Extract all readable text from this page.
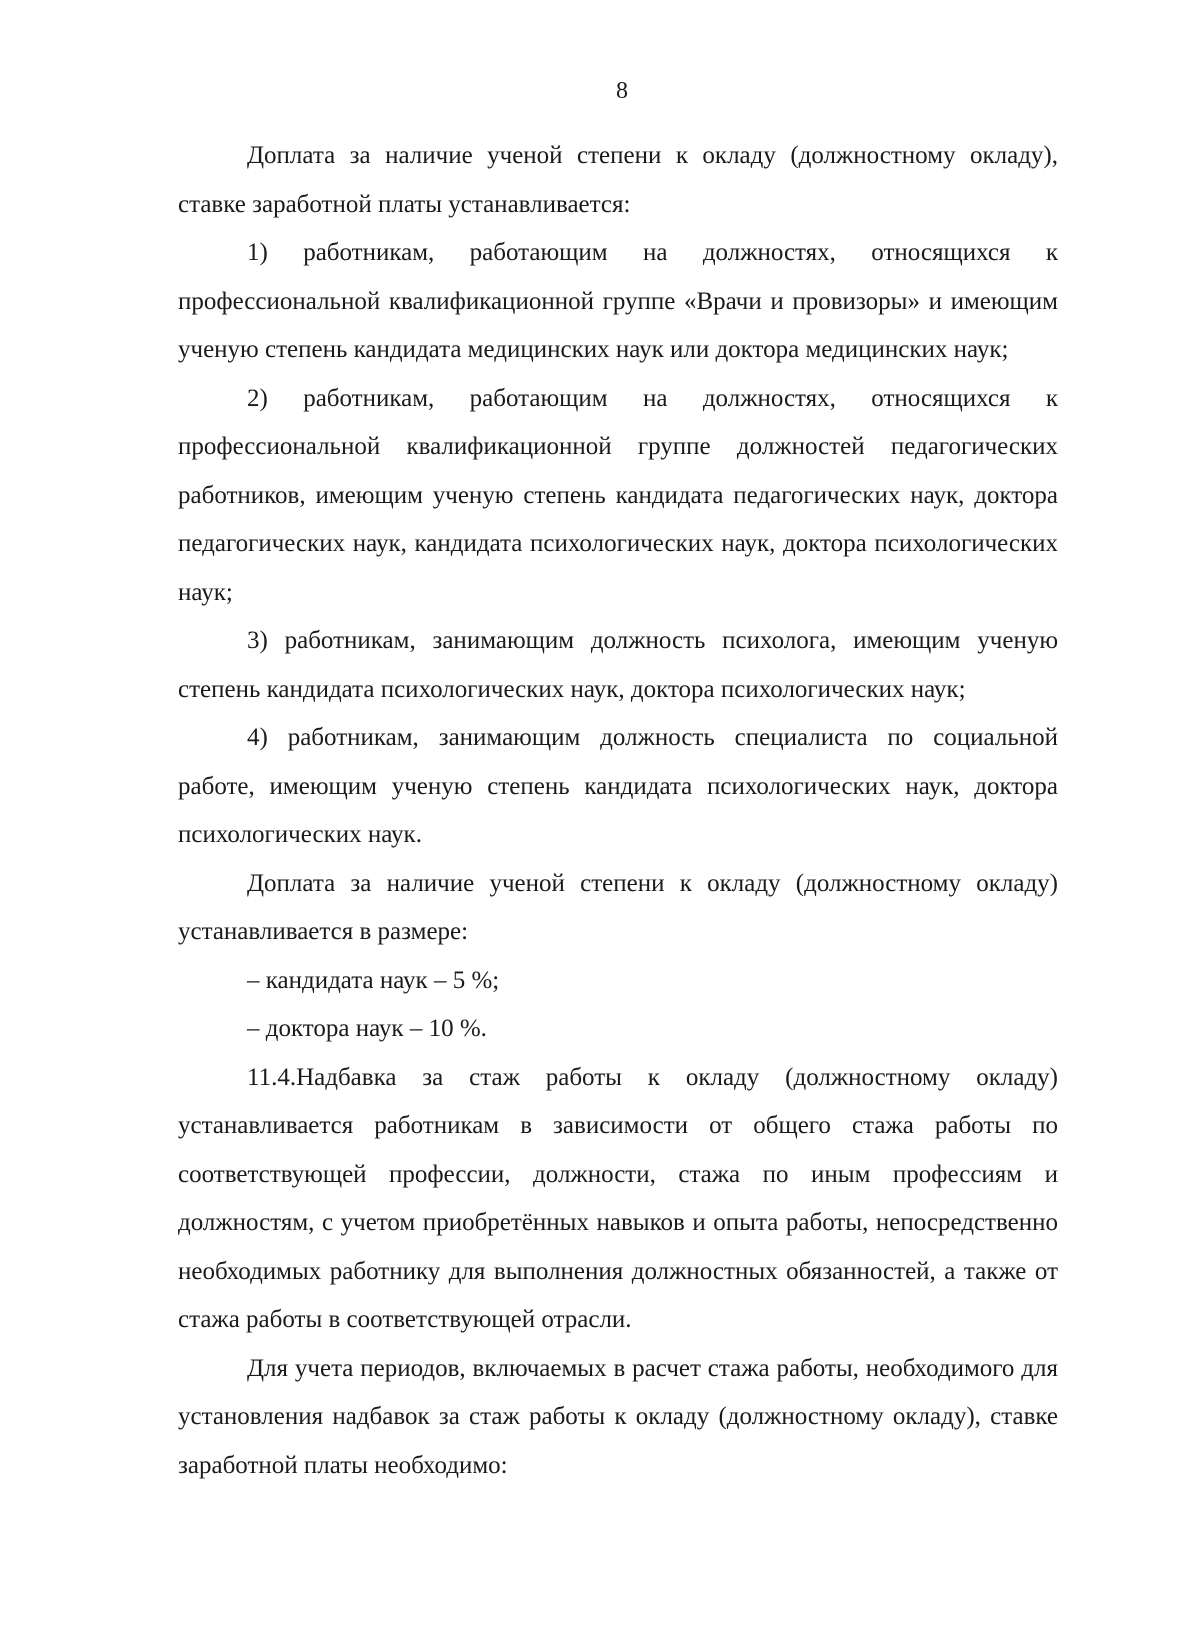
8

Доплата за наличие ученой степени к окладу (должностному окладу), ставке заработной платы устанавливается:

1) работникам, работающим на должностях, относящихся к профессиональной квалификационной группе «Врачи и провизоры» и имеющим ученую степень кандидата медицинских наук или доктора медицинских наук;

2) работникам, работающим на должностях, относящихся к профессиональной квалификационной группе должностей педагогических работников, имеющим ученую степень кандидата педагогических наук, доктора педагогических наук, кандидата психологических наук, доктора психологических наук;

3) работникам, занимающим должность психолога, имеющим ученую степень кандидата психологических наук, доктора психологических наук;

4) работникам, занимающим должность специалиста по социальной работе, имеющим ученую степень кандидата психологических наук, доктора психологических наук.

Доплата за наличие ученой степени к окладу (должностному окладу) устанавливается в размере:

– кандидата наук – 5 %;

– доктора наук – 10 %.

11.4.Надбавка за стаж работы к окладу (должностному окладу) устанавливается работникам в зависимости от общего стажа работы по соответствующей профессии, должности, стажа по иным профессиям и должностям, с учетом приобретённых навыков и опыта работы, непосредственно необходимых работнику для выполнения должностных обязанностей, а также от стажа работы в соответствующей отрасли.

Для учета периодов, включаемых в расчет стажа работы, необходимого для установления надбавок за стаж работы к окладу (должностному окладу), ставке заработной платы необходимо:
